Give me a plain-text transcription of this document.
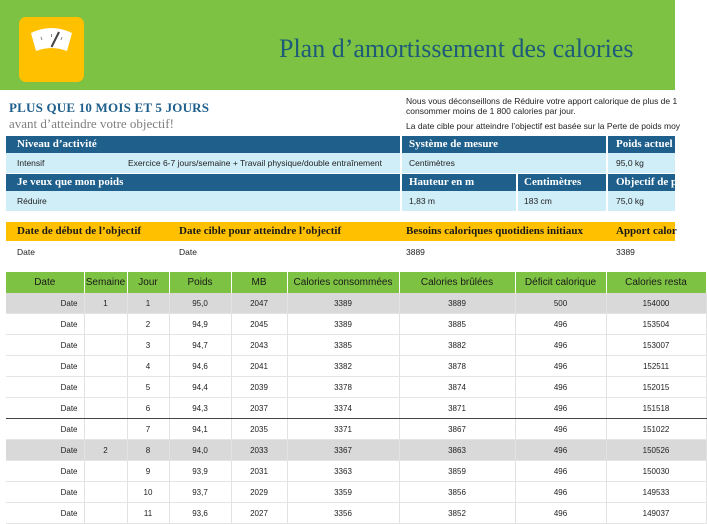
Plan d’amortissement des calories
PLUS QUE 10 MOIS ET 5 JOURS
avant d’atteindre votre objectif!
Nous vous déconseillons de Réduire votre apport calorique de plus de 1
consommer moins de 1 800 calories par jour.
La date cible pour atteindre l’objectif est basée sur la Perte de poids moy
Niveau d’activité	Système de mesure	Poids actuel
Intensif	Exercice 6-7 jours/semaine + Travail physique/double entraînement	Centimètres	95,0 kg
Je veux que mon poids	Hauteur en m	Centimètres	Objectif de p
Réduire	1,83 m	183 cm	75,0 kg
Date de début de l’objectif	Date cible pour atteindre l’objectif	Besoins caloriques quotidiens initiaux	Apport calor
Date	Date	3889	3389
Date	Semaine	Jour	Poids	MB	Calories consommées	Calories brûlées	Déficit calorique	Calories resta
Date	1	1	95,0	2047	3389	3889	500	154000
Date		2	94,9	2045	3389	3885	496	153504
Date		3	94,7	2043	3385	3882	496	153007
Date		4	94,6	2041	3382	3878	496	152511
Date		5	94,4	2039	3378	3874	496	152015
Date		6	94,3	2037	3374	3871	496	151518
Date		7	94,1	2035	3371	3867	496	151022
Date	2	8	94,0	2033	3367	3863	496	150526
Date		9	93,9	2031	3363	3859	496	150030
Date		10	93,7	2029	3359	3856	496	149533
Date		11	93,6	2027	3356	3852	496	149037
